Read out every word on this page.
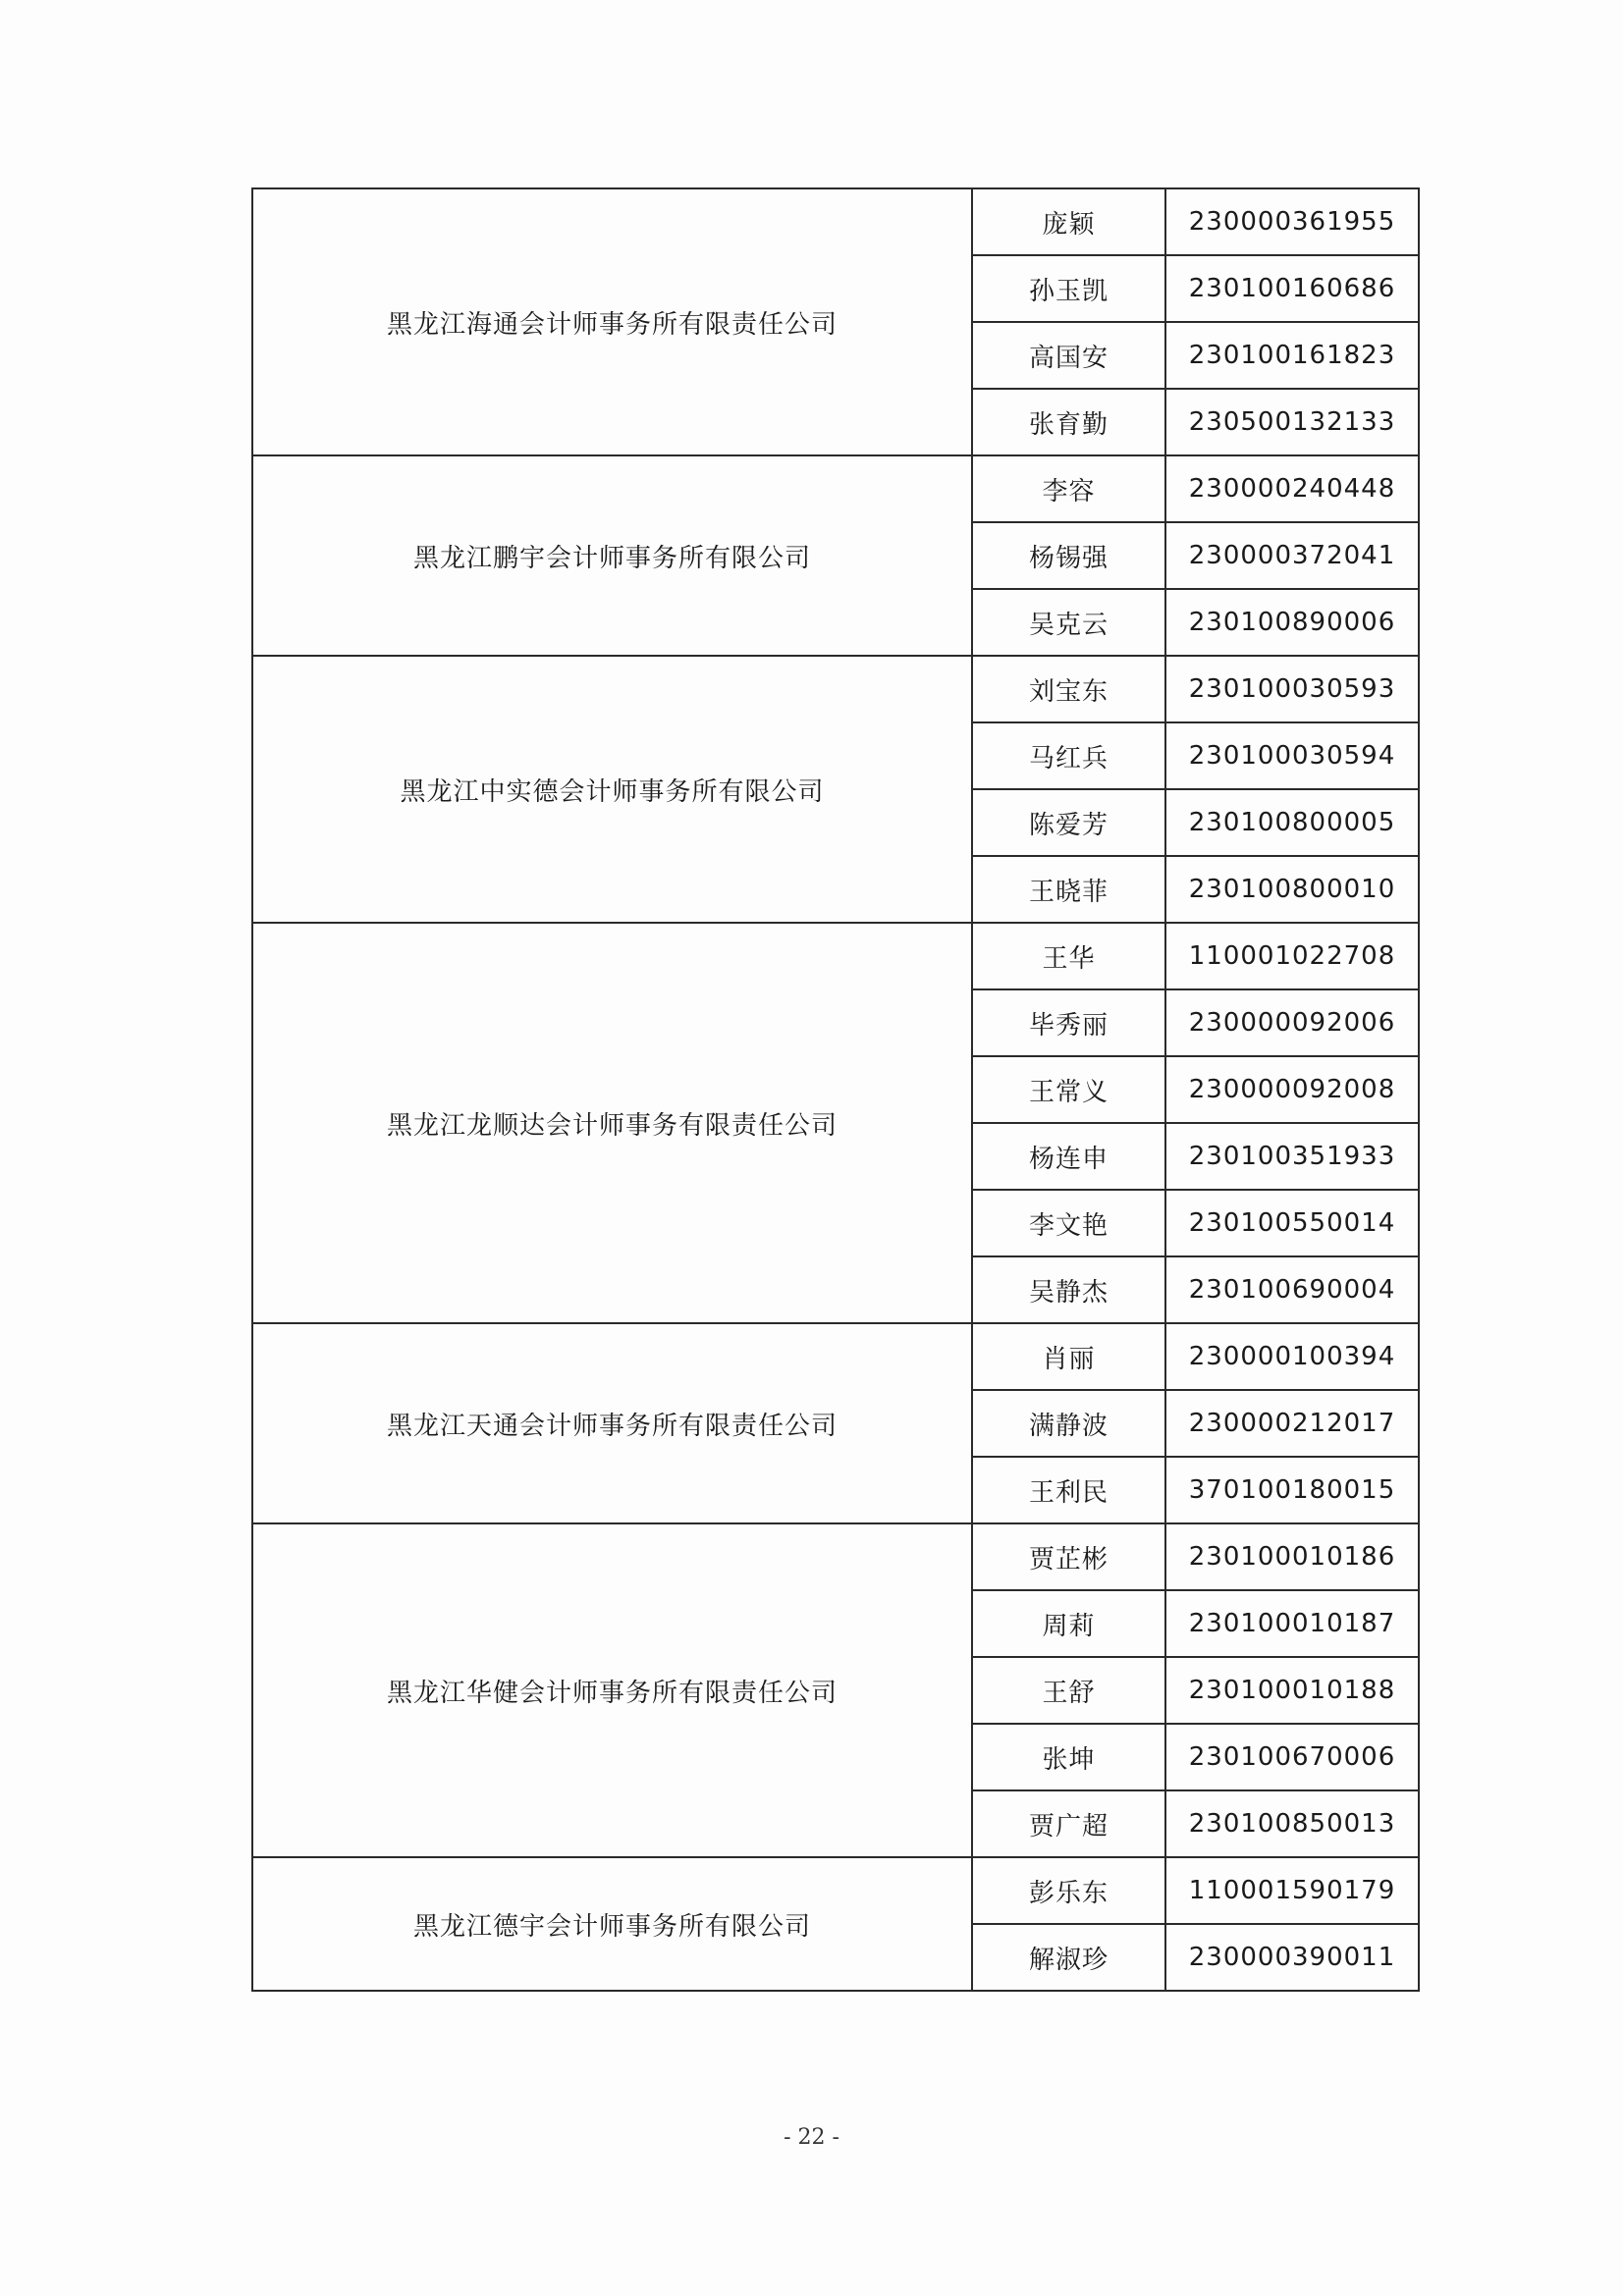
黑龙江海通会计师事务所有限责任公司	庞颖	230000361955
	孙玉凯	230100160686
	高国安	230100161823
	张育勤	230500132133
黑龙江鹏宇会计师事务所有限公司	李容	230000240448
	杨锡强	230000372041
	吴克云	230100890006
黑龙江中实德会计师事务所有限公司	刘宝东	230100030593
	马红兵	230100030594
	陈爱芳	230100800005
	王晓菲	230100800010
黑龙江龙顺达会计师事务有限责任公司	王华	110001022708
	毕秀丽	230000092006
	王常义	230000092008
	杨连申	230100351933
	李文艳	230100550014
	吴静杰	230100690004
黑龙江天通会计师事务所有限责任公司	肖丽	230000100394
	满静波	230000212017
	王利民	370100180015
黑龙江华健会计师事务所有限责任公司	贾芷彬	230100010186
	周莉	230100010187
	王舒	230100010188
	张坤	230100670006
	贾广超	230100850013
黑龙江德宇会计师事务所有限公司	彭乐东	110001590179
	解淑珍	230000390011
- 22 -
